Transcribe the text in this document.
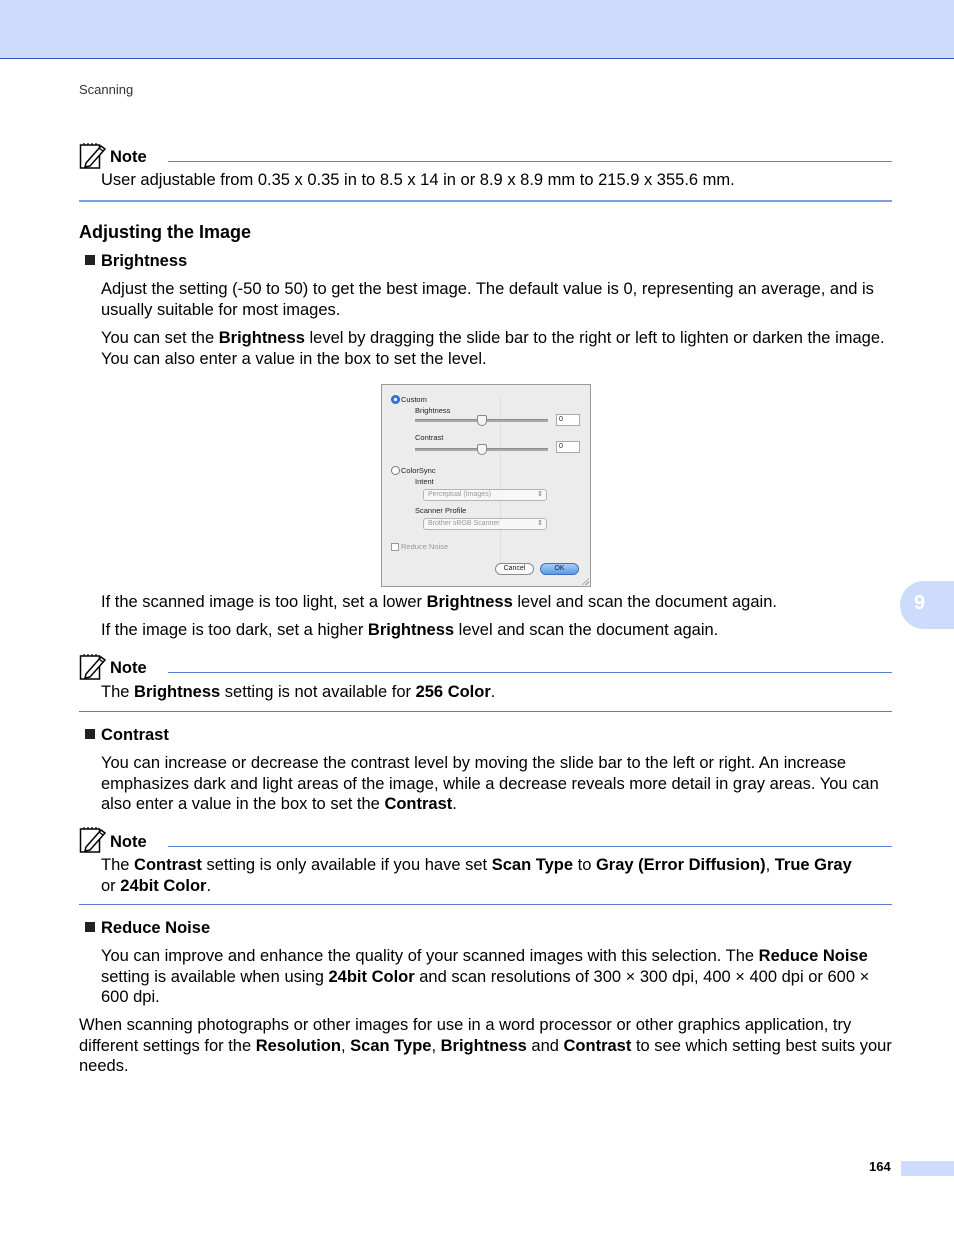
Scanning
Note
User adjustable from 0.35 x 0.35 in to 8.5 x 14 in or 8.9 x 8.9 mm to 215.9 x 355.6 mm.
Adjusting the Image
Brightness
Adjust the setting (-50 to 50) to get the best image. The default value is 0, representing an average, and is usually suitable for most images.
You can set the Brightness level by dragging the slide bar to the right or left to lighten or darken the image. You can also enter a value in the box to set the level.
Custom
Brightness
0
Contrast
0
ColorSync
Intent
Perceptual (Images)	⇕
Scanner Profile
Brother sRGB Scanner	⇕
Reduce Noise
Cancel	OK
If the scanned image is too light, set a lower Brightness level and scan the document again.
If the image is too dark, set a higher Brightness level and scan the document again.
9
Note
The Brightness setting is not available for 256 Color.
Contrast
You can increase or decrease the contrast level by moving the slide bar to the left or right. An increase emphasizes dark and light areas of the image, while a decrease reveals more detail in gray areas. You can also enter a value in the box to set the Contrast.
Note
The Contrast setting is only available if you have set Scan Type to Gray (Error Diffusion), True Gray
or 24bit Color.
Reduce Noise
You can improve and enhance the quality of your scanned images with this selection. The Reduce Noise setting is available when using 24bit Color and scan resolutions of 300 × 300 dpi, 400 × 400 dpi or 600 × 600 dpi.
When scanning photographs or other images for use in a word processor or other graphics application, try different settings for the Resolution, Scan Type, Brightness and Contrast to see which setting best suits your needs.
164
